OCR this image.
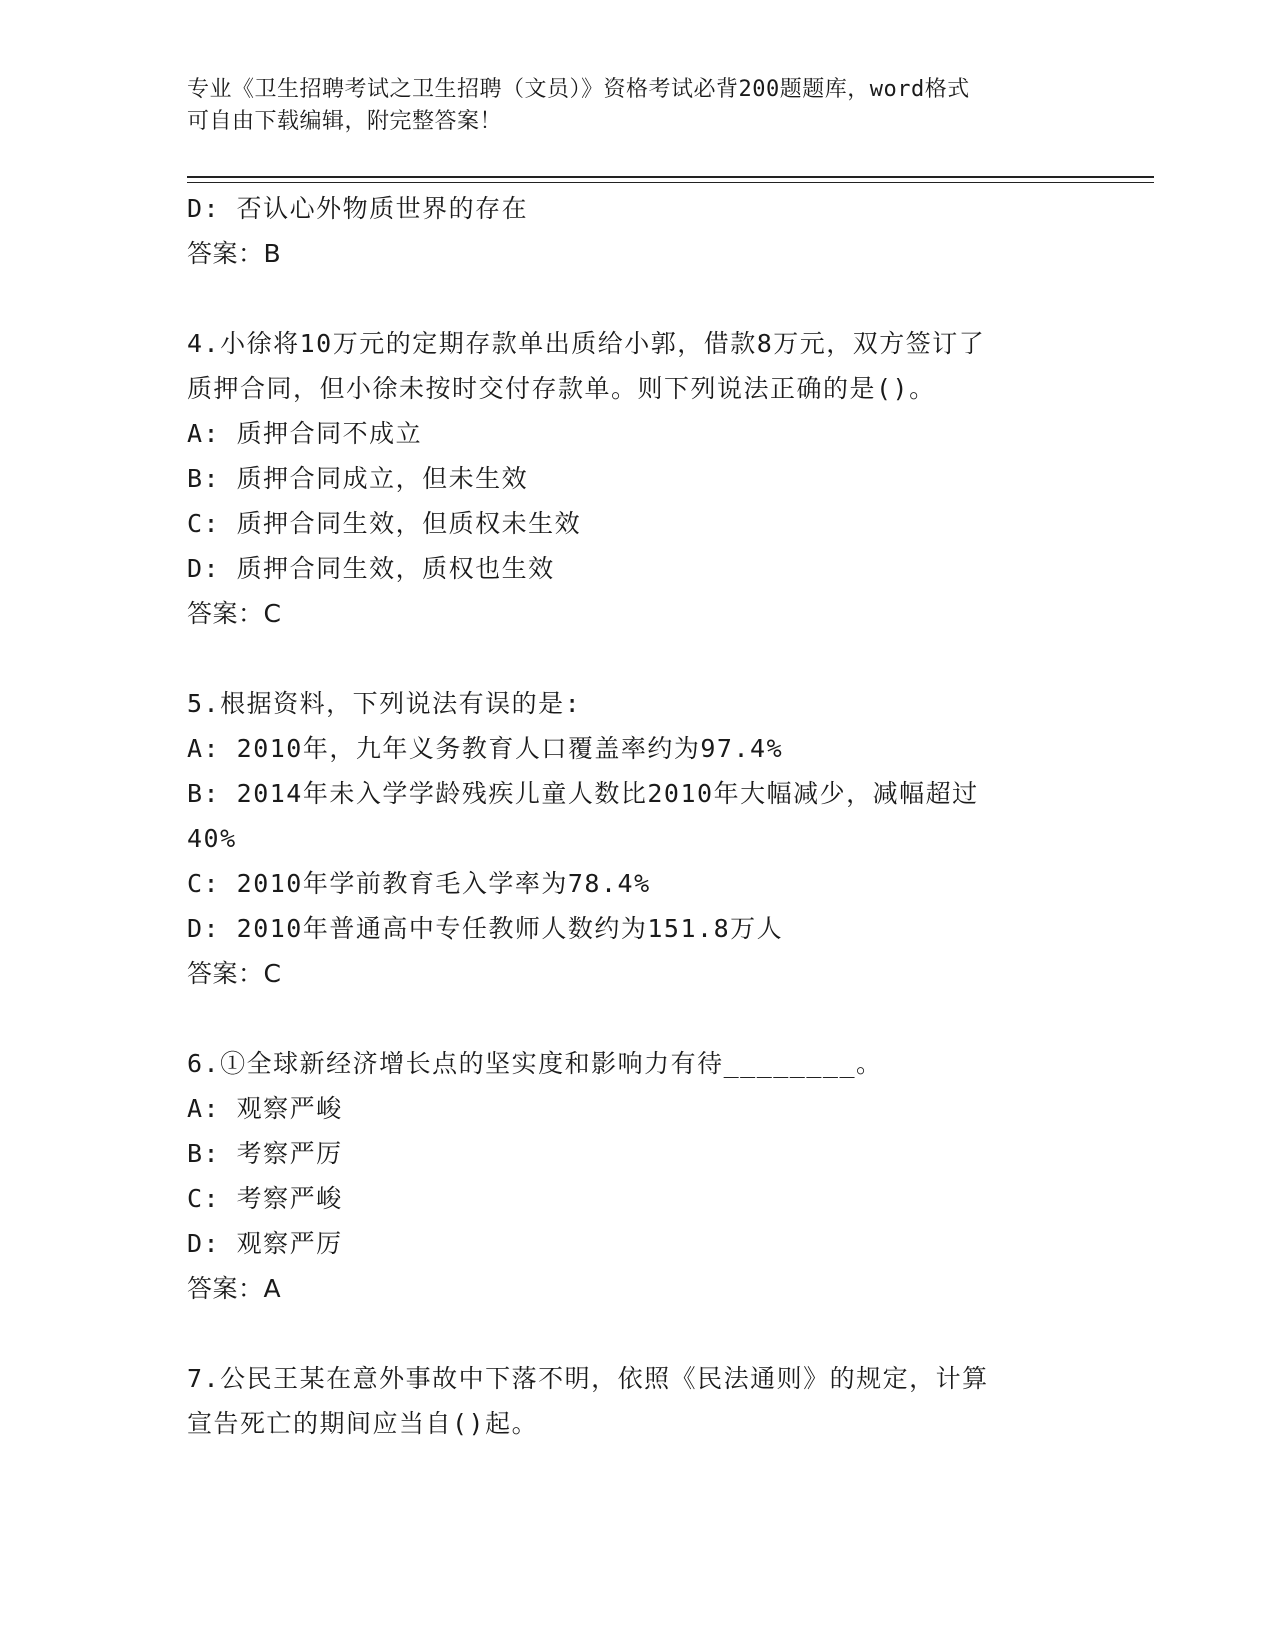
专业《卫生招聘考试之卫生招聘（文员）》资格考试必背200题题库，word格式
可自由下载编辑，附完整答案！
D: 否认心外物质世界的存在
答案：B
4.小徐将10万元的定期存款单出质给小郭，借款8万元，双方签订了
质押合同，但小徐未按时交付存款单。则下列说法正确的是()。
A: 质押合同不成立
B: 质押合同成立，但未生效
C: 质押合同生效，但质权未生效
D: 质押合同生效，质权也生效
答案：C
5.根据资料，下列说法有误的是:
A: 2010年，九年义务教育人口覆盖率约为97.4%
B: 2014年未入学学龄残疾儿童人数比2010年大幅减少，减幅超过
40%
C: 2010年学前教育毛入学率为78.4%
D: 2010年普通高中专任教师人数约为151.8万人
答案：C
6.①全球新经济增长点的坚实度和影响力有待________。
A: 观察严峻
B: 考察严厉
C: 考察严峻
D: 观察严厉
答案：A
7.公民王某在意外事故中下落不明，依照《民法通则》的规定，计算
宣告死亡的期间应当自()起。
